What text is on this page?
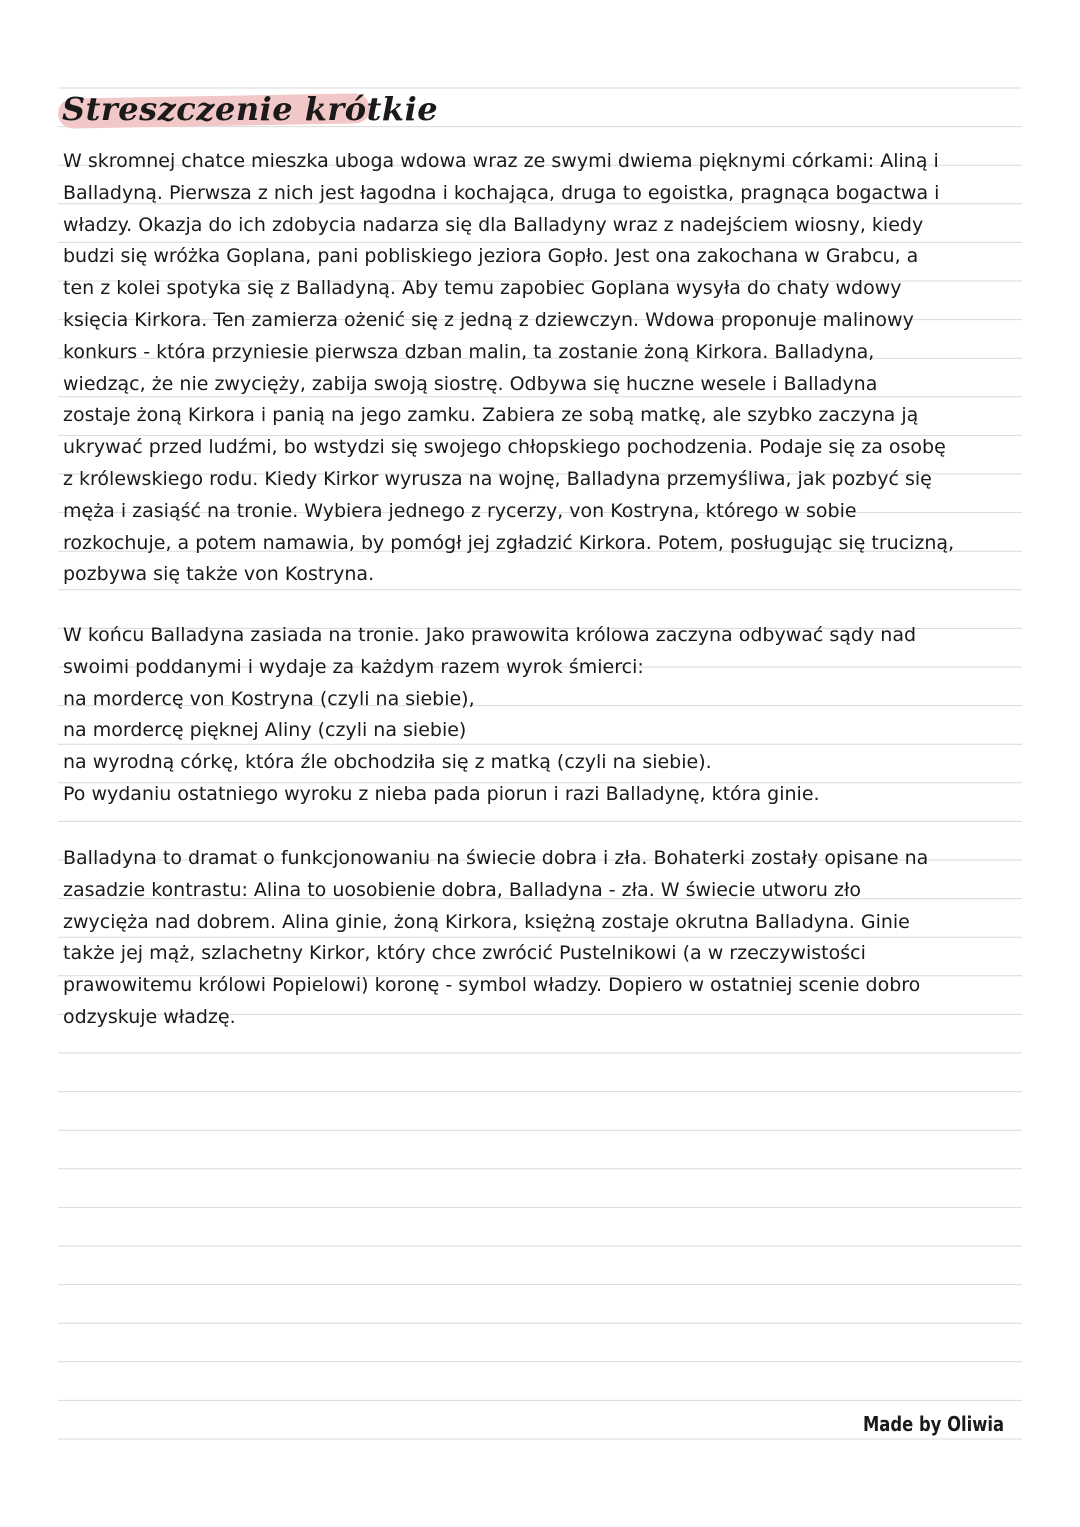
Streszczenie krótkie
W skromnej chatce mieszka uboga wdowa wraz ze swymi dwiema pięknymi córkami: Aliną i
Balladyną. Pierwsza z nich jest łagodna i kochająca, druga to egoistka, pragnąca bogactwa i
władzy. Okazja do ich zdobycia nadarza się dla Balladyny wraz z nadejściem wiosny, kiedy
budzi się wróżka Goplana, pani pobliskiego jeziora Gopło. Jest ona zakochana w Grabcu, a
ten z kolei spotyka się z Balladyną. Aby temu zapobiec Goplana wysyła do chaty wdowy
księcia Kirkora. Ten zamierza ożenić się z jedną z dziewczyn. Wdowa proponuje malinowy
konkurs - która przyniesie pierwsza dzban malin, ta zostanie żoną Kirkora. Balladyna,
wiedząc, że nie zwycięży, zabija swoją siostrę. Odbywa się huczne wesele i Balladyna
zostaje żoną Kirkora i panią na jego zamku. Zabiera ze sobą matkę, ale szybko zaczyna ją
ukrywać przed ludźmi, bo wstydzi się swojego chłopskiego pochodzenia. Podaje się za osobę
z królewskiego rodu. Kiedy Kirkor wyrusza na wojnę, Balladyna przemyśliwa, jak pozbyć się
męża i zasiąść na tronie. Wybiera jednego z rycerzy, von Kostryna, którego w sobie
rozkochuje, a potem namawia, by pomógł jej zgładzić Kirkora. Potem, posługując się trucizną,
pozbywa się także von Kostryna.
W końcu Balladyna zasiada na tronie. Jako prawowita królowa zaczyna odbywać sądy nad
swoimi poddanymi i wydaje za każdym razem wyrok śmierci:
na mordercę von Kostryna (czyli na siebie),
na mordercę pięknej Aliny (czyli na siebie)
na wyrodną córkę, która źle obchodziła się z matką (czyli na siebie).
Po wydaniu ostatniego wyroku z nieba pada piorun i razi Balladynę, która ginie.
Balladyna to dramat o funkcjonowaniu na świecie dobra i zła. Bohaterki zostały opisane na
zasadzie kontrastu: Alina to uosobienie dobra, Balladyna - zła. W świecie utworu zło
zwycięża nad dobrem. Alina ginie, żoną Kirkora, księżną zostaje okrutna Balladyna. Ginie
także jej mąż, szlachetny Kirkor, który chce zwrócić Pustelnikowi (a w rzeczywistości
prawowitemu królowi Popielowi) koronę - symbol władzy. Dopiero w ostatniej scenie dobro
odzyskuje władzę.
Made by Oliwia
